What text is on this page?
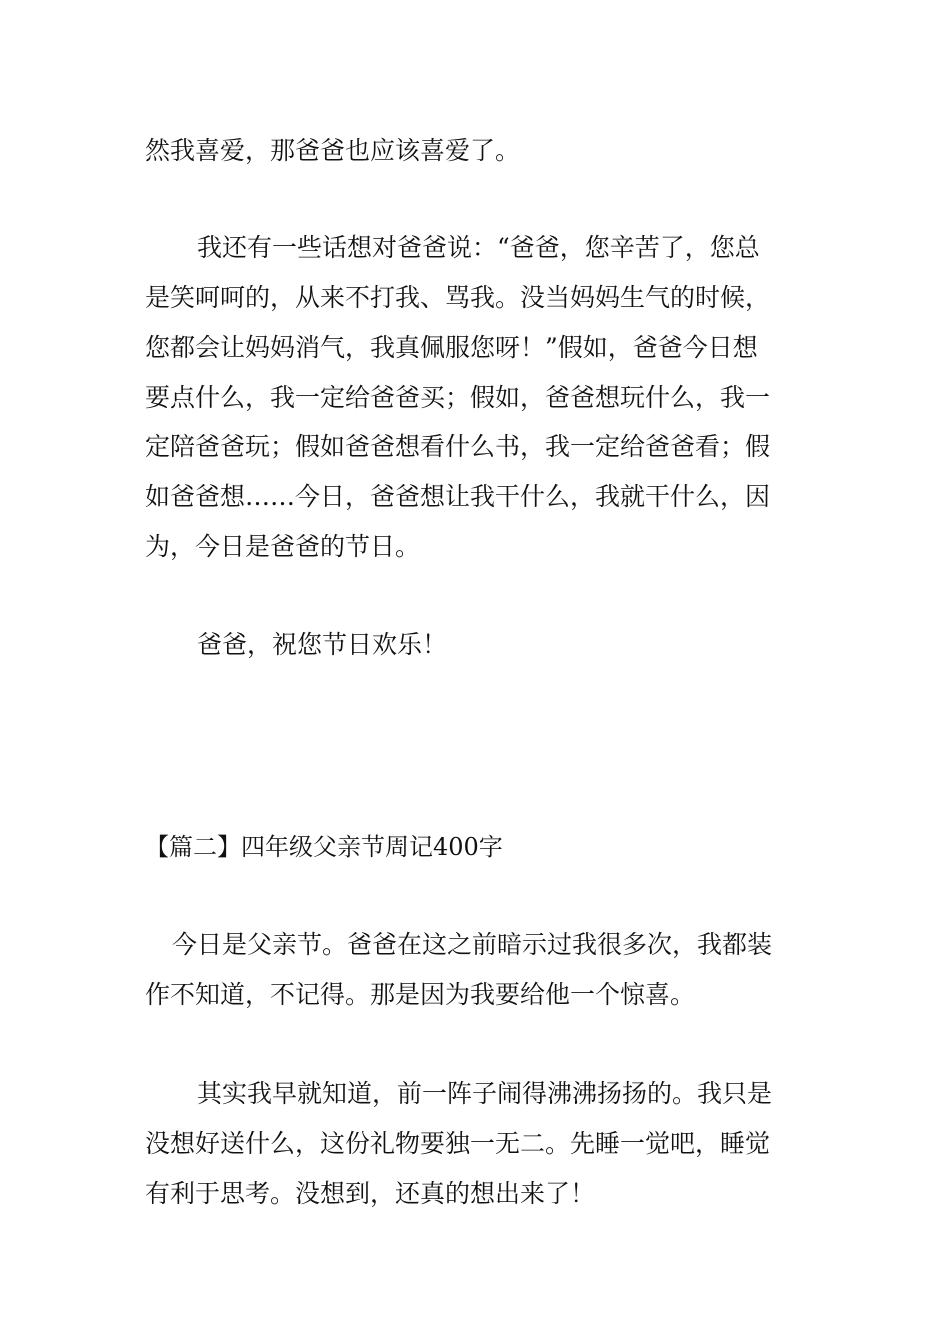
然我喜爱，那爸爸也应该喜爱了。
我还有一些话想对爸爸说：“爸爸，您辛苦了，您总
是笑呵呵的，从来不打我、骂我。没当妈妈生气的时候，
您都会让妈妈消气，我真佩服您呀！”假如，爸爸今日想
要点什么，我一定给爸爸买；假如，爸爸想玩什么，我一
定陪爸爸玩；假如爸爸想看什么书，我一定给爸爸看；假
如爸爸想……今日，爸爸想让我干什么，我就干什么，因
为，今日是爸爸的节日。
爸爸，祝您节日欢乐！
【篇二】四年级父亲节周记400字
今日是父亲节。爸爸在这之前暗示过我很多次，我都装
作不知道，不记得。那是因为我要给他一个惊喜。
其实我早就知道，前一阵子闹得沸沸扬扬的。我只是
没想好送什么，这份礼物要独一无二。先睡一觉吧，睡觉
有利于思考。没想到，还真的想出来了！
